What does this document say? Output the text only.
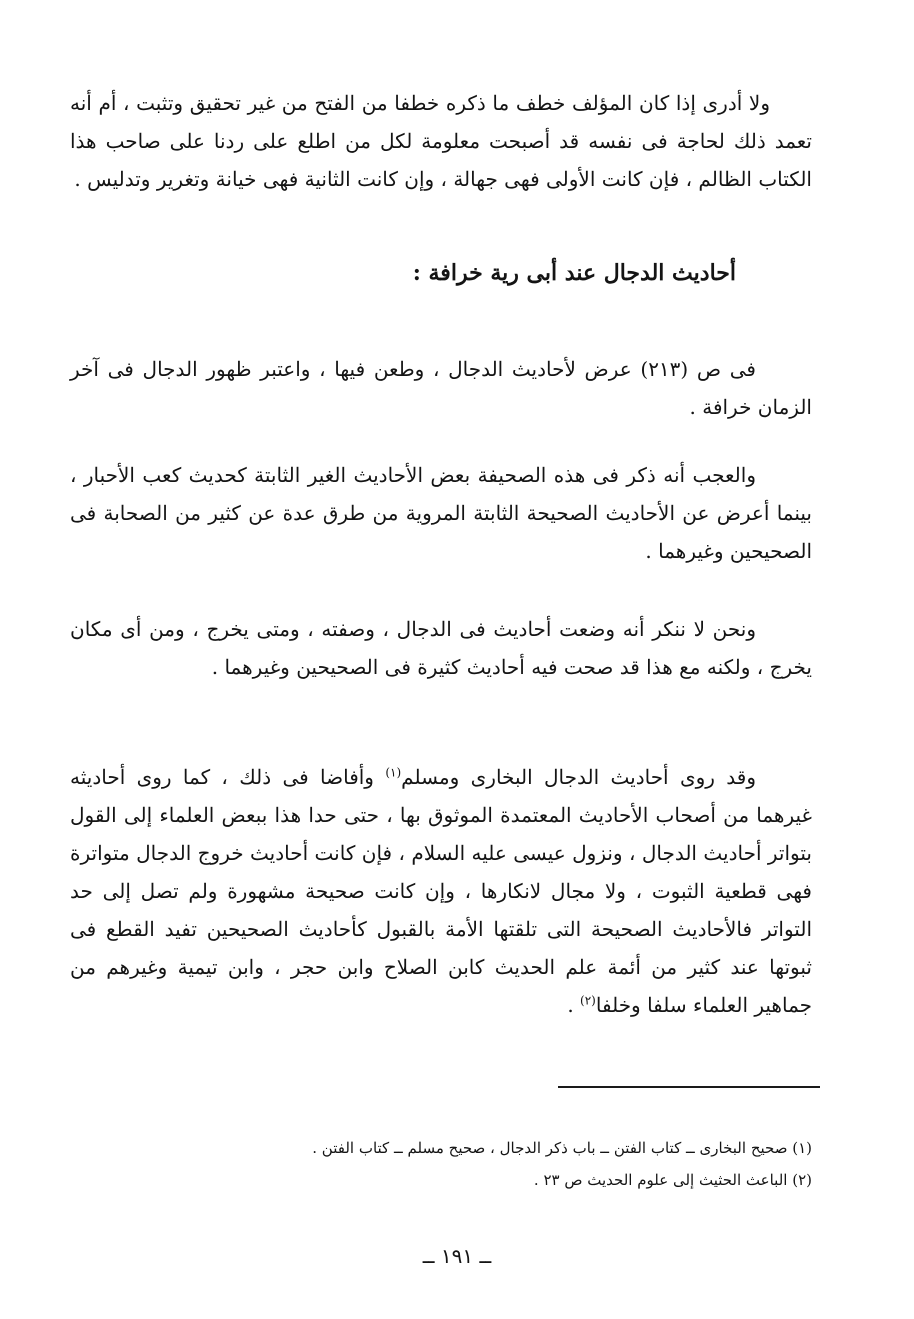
ولا أدرى إذا كان المؤلف خطف ما ذكره خطفا من الفتح من غير تحقيق وتثبت ، أم أنه تعمد ذلك لحاجة فى نفسه قد أصبحت معلومة لكل من اطلع على ردنا على صاحب هذا الكتاب الظالم ، فإن كانت الأولى فهى جهالة ، وإن كانت الثانية فهى خيانة وتغرير وتدليس .

أحاديث الدجال عند أبى رية خرافة :

فى ص (٢١٣) عرض لأحاديث الدجال ، وطعن فيها ، واعتبر ظهور الدجال فى آخر الزمان خرافة .

والعجب أنه ذكر فى هذه الصحيفة بعض الأحاديث الغير الثابتة كحديث كعب الأحبار ، بينما أعرض عن الأحاديث الصحيحة الثابتة المروية من طرق عدة عن كثير من الصحابة فى الصحيحين وغيرهما .

ونحن لا ننكر أنه وضعت أحاديث فى الدجال ، وصفته ، ومتى يخرج ، ومن أى مكان يخرج ، ولكنه مع هذا قد صحت فيه أحاديث كثيرة فى الصحيحين وغيرهما .

وقد روى أحاديث الدجال البخارى ومسلم$^{(١)}$ وأفاضا فى ذلك ، كما روى أحاديثه غيرهما من أصحاب الأحاديث المعتمدة الموثوق بها ، حتى حدا هذا ببعض العلماء إلى القول بتواتر أحاديث الدجال ، ونزول عيسى عليه السلام ، فإن كانت أحاديث خروج الدجال متواترة فهى قطعية الثبوت ، ولا مجال لانكارها ، وإن كانت صحيحة مشهورة ولم تصل إلى حد التواتر فالأحاديث الصحيحة التى تلقتها الأمة بالقبول كأحاديث الصحيحين تفيد القطع فى ثبوتها عند كثير من أئمة علم الحديث كابن الصلاح وابن حجر ، وابن تيمية وغيرهم من جماهير العلماء سلفا وخلفا$^{(٢)}$ .

(١) صحيح البخارى ــ كتاب الفتن ــ باب ذكر الدجال ، صحيح مسلم ــ كتاب الفتن .
(٢) الباعث الحثيث إلى علوم الحديث ص ٢٣ .
ــ ١٩١ ــ
